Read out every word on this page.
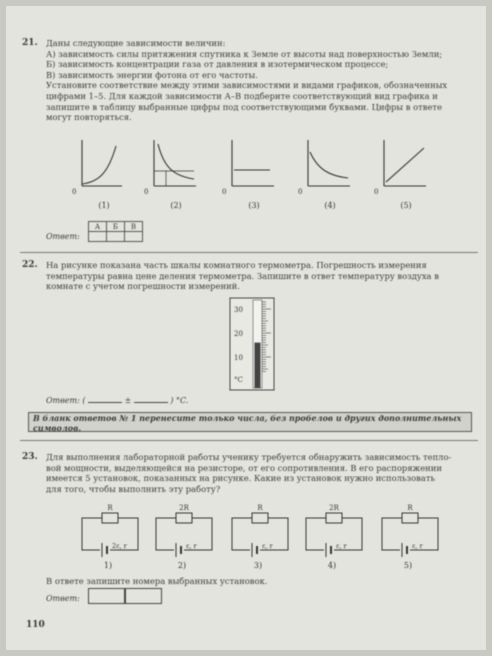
21. Даны следующие зависимости величин:
А) зависимость силы притяжения спутника к Земле от высоты над поверхностью Земли;
Б) зависимость концентрации газа от давления в изотермическом процессе;
В) зависимость энергии фотона от его частоты.
Установите соответствие между этими зависимостями и видами графиков, обозначенных
цифрами 1–5. Для каждой зависимости А–В подберите соответствующий вид графика и
запишите в таблицу выбранные цифры под соответствующими буквами. Цифры в ответе
могут повторяться.
0	0	0	0	0
(1)	(2)	(3)	(4)	(5)
Ответ:
А	Б	В

22. На рисунке показана часть шкалы комнатного термометра. Погрешность измерения
температуры равна цене деления термометра. Запишите в ответ температуру воздуха в
комнате с учетом погрешности измерений.
30
20
10
°C
Ответ: (	±	) °C.
В бланк ответов № 1 перенесите только числа, без пробелов и других дополнительных символов.
23. Для выполнения лабораторной работы ученику требуется обнаружить зависимость тепло-
вой мощности, выделяющейся на резисторе, от его сопротивления. В его распоряжении
имеется 5 установок, показанных на рисунке. Какие из установок нужно использовать
для того, чтобы выполнить эту работу?
R
2ε, r
1)
2R
ε, r
2)
R
ε, r
3)
2R
ε, r
4)
R
ε, r
5)
В ответе запишите номера выбранных установок.
Ответ:
110
